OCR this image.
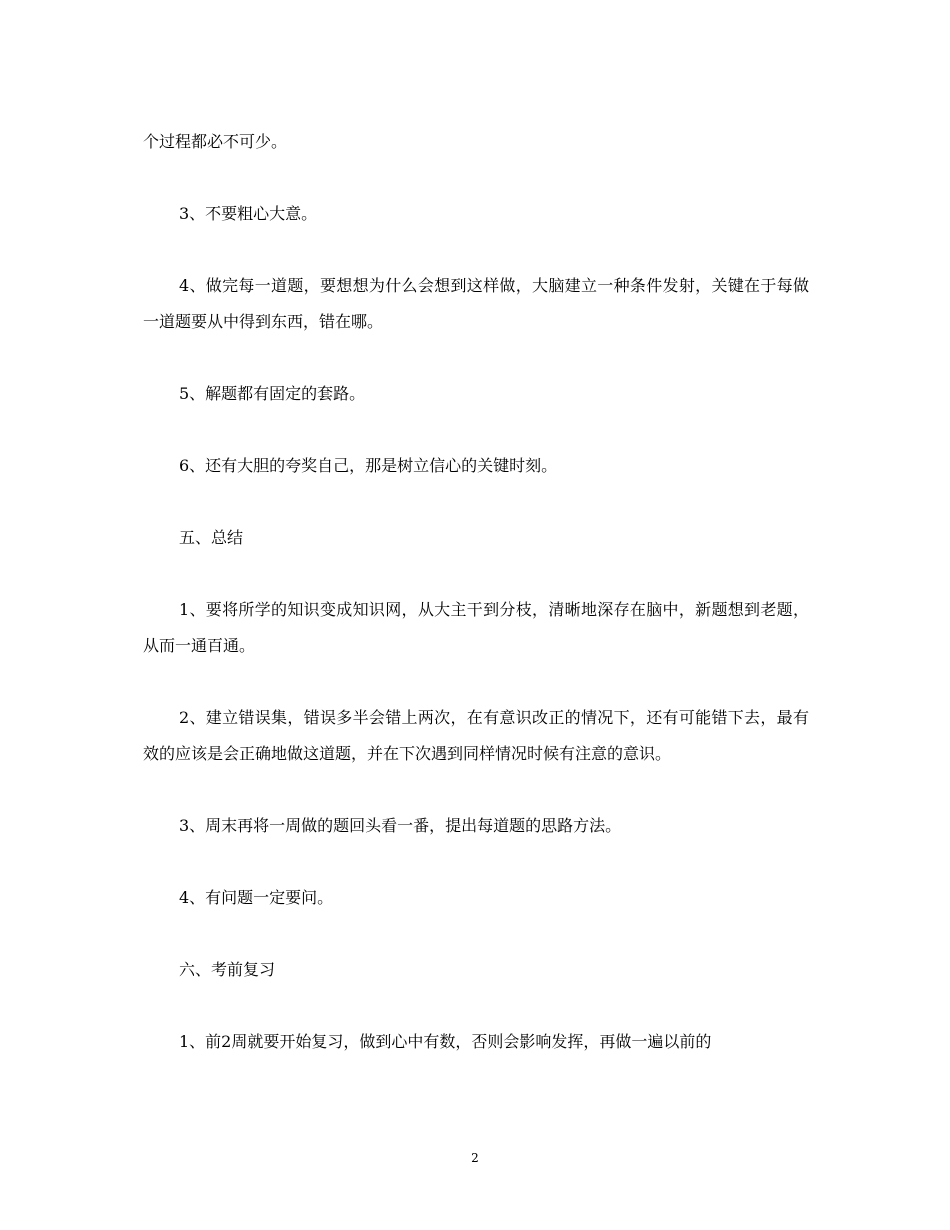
个过程都必不可少。

3、不要粗心大意。

4、做完每一道题，要想想为什么会想到这样做，大脑建立一种条件发射，关键在于每做一道题要从中得到东西，错在哪。

5、解题都有固定的套路。

6、还有大胆的夸奖自己，那是树立信心的关键时刻。

五、总结

1、要将所学的知识变成知识网，从大主干到分枝，清晰地深存在脑中，新题想到老题，从而一通百通。

2、建立错误集，错误多半会错上两次，在有意识改正的情况下，还有可能错下去，最有效的应该是会正确地做这道题，并在下次遇到同样情况时候有注意的意识。

3、周末再将一周做的题回头看一番，提出每道题的思路方法。

4、有问题一定要问。

六、考前复习

1、前2周就要开始复习，做到心中有数，否则会影响发挥，再做一遍以前的

2
